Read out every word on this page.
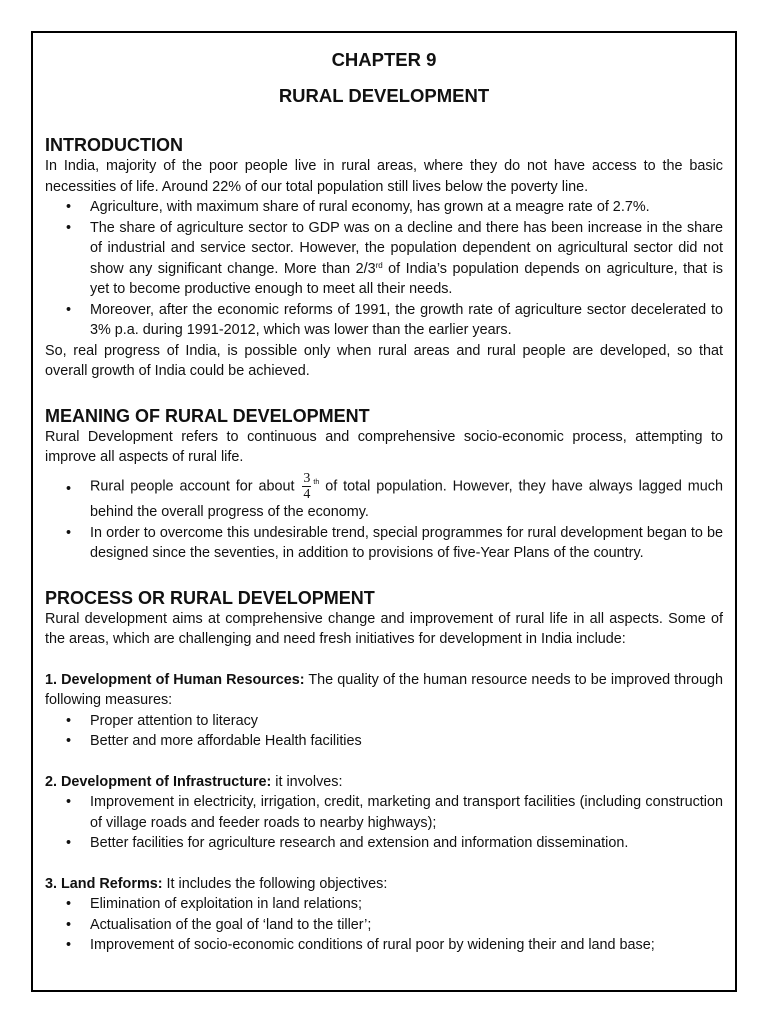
CHAPTER 9
RURAL DEVELOPMENT
INTRODUCTION

In India, majority of the poor people live in rural areas, where they do not have access to the basic necessities of life. Around 22% of our total population still lives below the poverty line.

•	Agriculture, with maximum share of rural economy, has grown at a meagre rate of 2.7%.
•	The share of agriculture sector to GDP was on a decline and there has been increase in the share of industrial and service sector. However, the population dependent on agricultural sector did not show any significant change. More than 2/3rd of India’s population depends on agriculture, that is yet to become productive enough to meet all their needs.
•	Moreover, after the economic reforms of 1991, the growth rate of agriculture sector decelerated to 3% p.a. during 1991-2012, which was lower than the earlier years.

So, real progress of India, is possible only when rural areas and rural people are developed, so that overall growth of India could be achieved.

MEANING OF RURAL DEVELOPMENT

Rural Development refers to continuous and comprehensive socio-economic process, attempting to improve all aspects of rural life.

•	Rural people account for about $\frac{3}{4} ^{th}$ of total population. However, they have always lagged much behind the overall progress of the economy.
•	In order to overcome this undesirable trend, special programmes for rural development began to be designed since the seventies, in addition to provisions of five-Year Plans of the country.
PROCESS OR RURAL DEVELOPMENT

Rural development aims at comprehensive change and improvement of rural life in all aspects. Some of the areas, which are challenging and need fresh initiatives for development in India include:

1. Development of Human Resources: The quality of the human resource needs to be improved through following measures:

•	Proper attention to literacy
•	Better and more affordable Health facilities

2. Development of Infrastructure: it involves:

•	Improvement in electricity, irrigation, credit, marketing and transport facilities (including construction of village roads and feeder roads to nearby highways);
•	Better facilities for agriculture research and extension and information dissemination.

3. Land Reforms: It includes the following objectives:

•	Elimination of exploitation in land relations;
•	Actualisation of the goal of ‘land to the tiller’;
•	Improvement of socio-economic conditions of rural poor by widening their and land base;
